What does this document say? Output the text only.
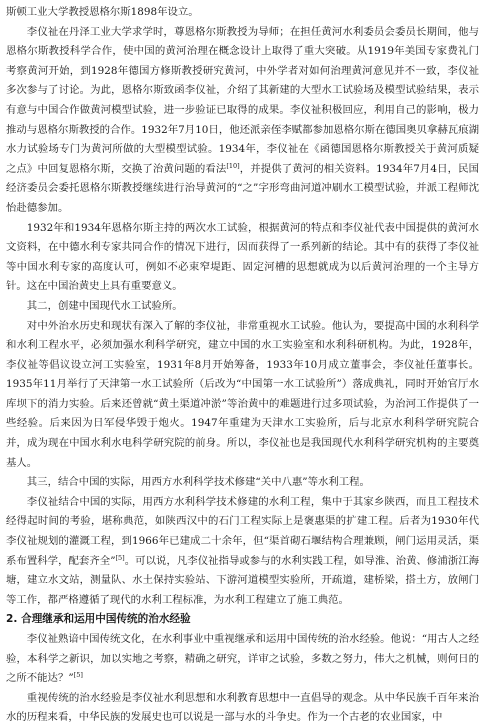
斯顿工业大学教授恩格尔斯1898年设立。

李仪祉在丹泽工业大学求学时，尊恩格尔斯教授为导师；在担任黄河水利委员会委员长期间，他与恩格尔斯教授科学合作，使中国的黄河治理在概念设计上取得了重大突破。从1919年美国专家费礼门考察黄河开始，到1928年德国方修斯教授研究黄河，中外学者对如何治理黄河意见并不一致，李仪祉多次参与了讨论。为此，恩格尔斯致函李仪祉，介绍了其新建的大型水工试验场及模型试验结果，表示有意与中国合作做黄河模型试验，进一步验证已取得的成果。李仪祉积极回应，利用自己的影响，极力推动与恩格尔斯教授的合作。1932年7月10日，他还派亲侄李赋都参加恩格尔斯在德国奥贝拿赫瓦痕湖水力试验场专门为黄河所做的大型模型试验。1934年，李仪祉在《函德国恩格尔斯教授关于黄河质疑之点》中回复恩格尔斯，交换了治黄问题的看法[10]，并提供了黄河的相关资料。1934年7月4日，民国经济委员会委托恩格尔斯教授继续进行治导黄河的“之”字形弯曲河道冲刷水工模型试验，并派工程师沈怡赴德参加。

1932年和1934年恩格尔斯主持的两次水工试验，根据黄河的特点和李仪祉代表中国提供的黄河水文资料，在中德水利专家共同合作的情况下进行，因而获得了一系列新的结论。其中有的获得了李仪祉等中国水利专家的高度认可，例如不必束窄堤距、固定河槽的思想就成为以后黄河治理的一个主导方针。这在中国治黄史上具有重要意义。

其二，创建中国现代水工试验所。

对中外治水历史和现状有深入了解的李仪祉，非常重视水工试验。他认为，要提高中国的水利科学和水利工程水平，必须加强水利科学研究，建立中国的水工实验室和水利科研机构。为此，1928年，李仪祉等倡议设立河工实验室，1931年8月开始筹备，1933年10月成立董事会，李仪祉任董事长。1935年11月举行了天津第一水工试验所（后改为“中国第一水工试验所”）落成典礼，同时开始官厅水库坝下的消力实验。后来还曾就“黄土渠道冲淤”等治黄中的难题进行过多项试验，为治河工作提供了一些经验。后来因为日军侵华毁于炮火。1947年重建为天津水工实验所，后与北京水利科学研究院合并，成为现在中国水利水电科学研究院的前身。所以，李仪祉也是我国现代水利科学研究机构的主要奠基人。

其三，结合中国的实际，用西方水利科学技术修建“关中八惠”等水利工程。

李仪祉结合中国的实际，用西方水利科学技术修建的水利工程，集中于其家乡陕西，而且工程技术经得起时间的考验，堪称典范，如陕西汉中的石门工程实际上是褒惠渠的扩建工程。后者为1930年代李仪祉规划的灌溉工程，到1966年已建成二十余年，但“渠首砌石堰结构合理兼顾，闸门运用灵活，渠系布置科学，配套齐全”[5]。可以说，凡李仪祉指导或参与的水利实践工程，如导淮、治黄、修浦浙江海塘，建立水文站，测量队、水土保持实验站、下游河道模型实验所，开疏道，建桥梁，搭土方，放闸门等工作，都严格遵循了现代的水利工程标准，为水利工程建立了施工典范。

2. 合理继承和运用中国传统的治水经验

李仪祉熟谙中国传统文化，在水利事业中重视继承和运用中国传统的治水经验。他说：“用古人之经验，本科学之新识，加以实地之考察，精确之研究，详审之试验，多数之努力，伟大之机械，则何日的之所不能达？”[5]

重视传统的治水经验是李仪祉水利思想和水利教育思想中一直倡导的观念。从中华民族千百年来治水的历程来看，中华民族的发展史也可以说是一部与水的斗争史。作为一个古老的农业国家，中
